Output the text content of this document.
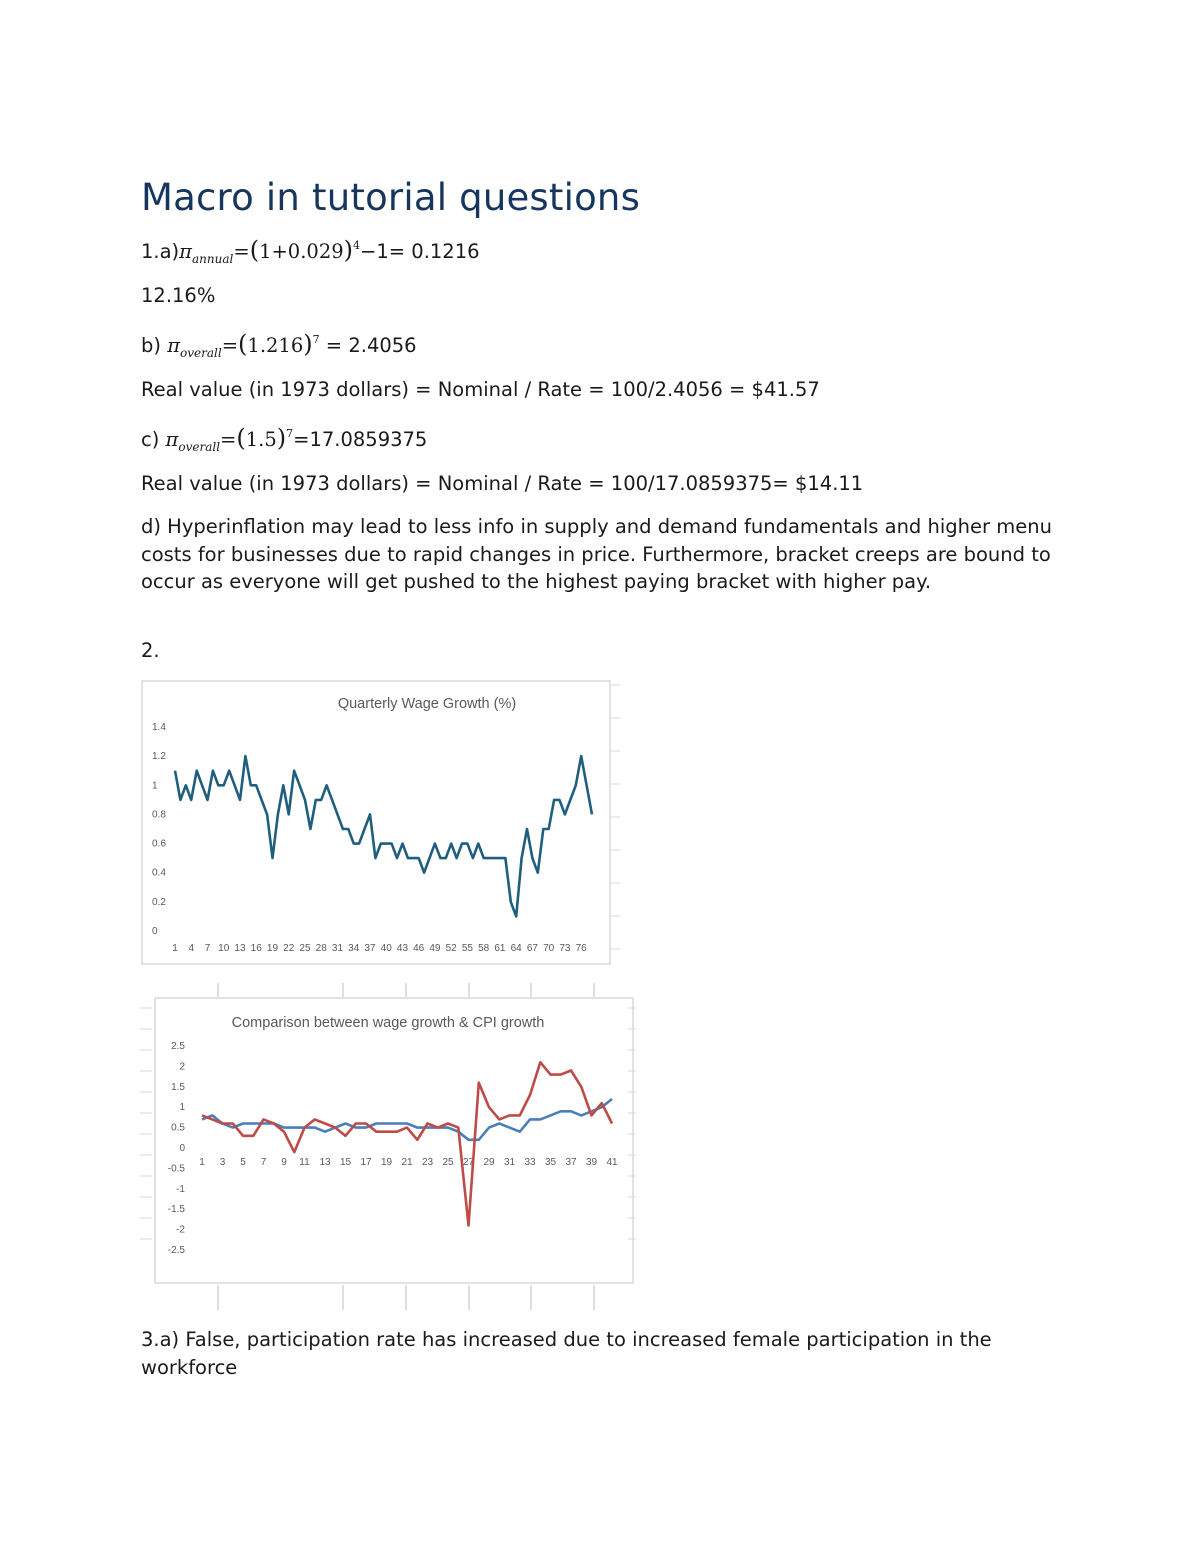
Macro in tutorial questions
$1.a)\pi_{annual}=(1+0.029)^4-1= 0.1216$
12.16%
b) $\pi_{overall}=(1.216)^7 = 2.4056$
Real value (in 1973 dollars) = Nominal / Rate = 100/2.4056 = $41.57
c) $\pi_{overall}=(1.5)^7=17.0859375$
Real value (in 1973 dollars) = Nominal / Rate = 100/17.0859375= $14.11
d) Hyperinflation may lead to less info in supply and demand fundamentals and higher menu costs for businesses due to rapid changes in price. Furthermore, bracket creeps are bound to occur as everyone will get pushed to the highest paying bracket with higher pay.
2.
Quarterly Wage Growth (%)
1.4
1.2
1
0.8
0.6
0.4
0.2
0
1 4 7 10 13 16 19 22 25 28 31 34 37 40 43 46 49 52 55 58 61 64 67 70 73 76
Comparison between wage growth & CPI growth
2.5
2
1.5
1
0.5
0
-0.5
-1
-1.5
-2
-2.5
1 3 5 7 9 11 13 15 17 19 21 23 25 27 29 31 33 35 37 39 41
3.a) False, participation rate has increased due to increased female participation in the workforce
